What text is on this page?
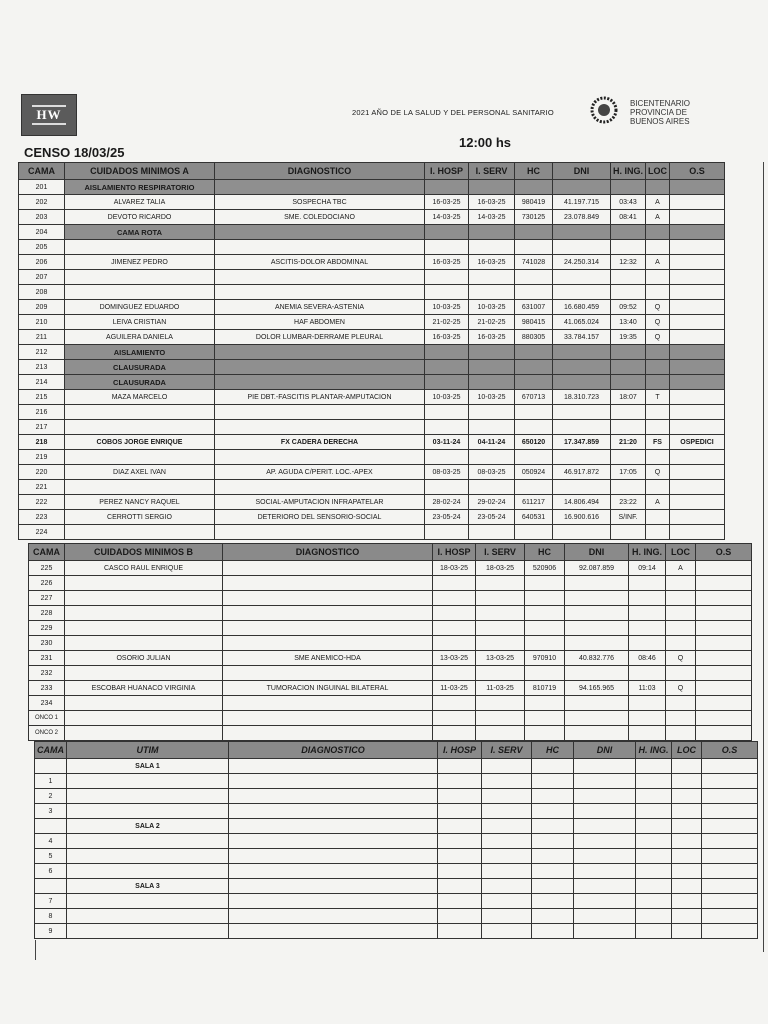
HW	2021 AÑO DE LA SALUD Y DEL PERSONAL SANITARIO
BICENTENARIO
PROVINCIA DE
BUENOS AIRES
12:00 hs
CENSO 18/03/25
CAMA	CUIDADOS MINIMOS A	DIAGNOSTICO	I. HOSP	I. SERV	HC	DNI	H. ING.	LOC	O.S
201	AISLAMIENTO RESPIRATORIO								
202	ALVAREZ TALIA	SOSPECHA TBC	16-03-25	16-03-25	980419	41.197.715	03:43	A	
203	DEVOTO RICARDO	SME. COLEDOCIANO	14-03-25	14-03-25	730125	23.078.849	08:41	A	
204	CAMA ROTA								
205									
206	JIMENEZ PEDRO	ASCITIS-DOLOR ABDOMINAL	16-03-25	16-03-25	741028	24.250.314	12:32	A	
207									
208									
209	DOMINGUEZ EDUARDO	ANEMIA SEVERA-ASTENIA	10-03-25	10-03-25	631007	16.680.459	09:52	Q	
210	LEIVA CRISTIAN	HAF ABDOMEN	21-02-25	21-02-25	980415	41.065.024	13:40	Q	
211	AGUILERA DANIELA	DOLOR LUMBAR-DERRAME PLEURAL	16-03-25	16-03-25	880305	33.784.157	19:35	Q	
212	AISLAMIENTO								
213	CLAUSURADA								
214	CLAUSURADA								
215	MAZA MARCELO	PIE DBT.-FASCITIS PLANTAR-AMPUTACION	10-03-25	10-03-25	670713	18.310.723	18:07	T	
216									
217									
218	COBOS JORGE ENRIQUE	FX CADERA DERECHA	03-11-24	04-11-24	650120	17.347.859	21:20	FS	OSPEDICI
219									
220	DIAZ AXEL IVAN	AP. AGUDA C/PERIT. LOC.-APEX	08-03-25	08-03-25	050924	46.917.872	17:05	Q	
221									
222	PEREZ NANCY RAQUEL	SOCIAL-AMPUTACION INFRAPATELAR	28-02-24	29-02-24	611217	14.806.494	23:22	A	
223	CERROTTI SERGIO	DETERIORO DEL SENSORIO-SOCIAL	23-05-24	23-05-24	640531	16.900.616	S/INF.		
224									
CAMA	CUIDADOS MINIMOS B	DIAGNOSTICO	I. HOSP	I. SERV	HC	DNI	H. ING.	LOC	O.S
225	CASCO RAUL ENRIQUE		18-03-25	18-03-25	520906	92.087.859	09:14	A	
226									
227									
228									
229									
230									
231	OSORIO JULIAN	SME ANEMICO-HDA	13-03-25	13-03-25	970910	40.832.776	08:46	Q	
232									
233	ESCOBAR HUANACO VIRGINIA	TUMORACION INGUINAL BILATERAL	11-03-25	11-03-25	810719	94.165.965	11:03	Q	
234									
ONCO 1									
ONCO 2									
CAMA	UTIM	DIAGNOSTICO	I. HOSP	I. SERV	HC	DNI	H. ING.	LOC	O.S
	SALA 1								
1									
2									
3									
	SALA 2								
4									
5									
6									
	SALA 3								
7									
8									
9									
